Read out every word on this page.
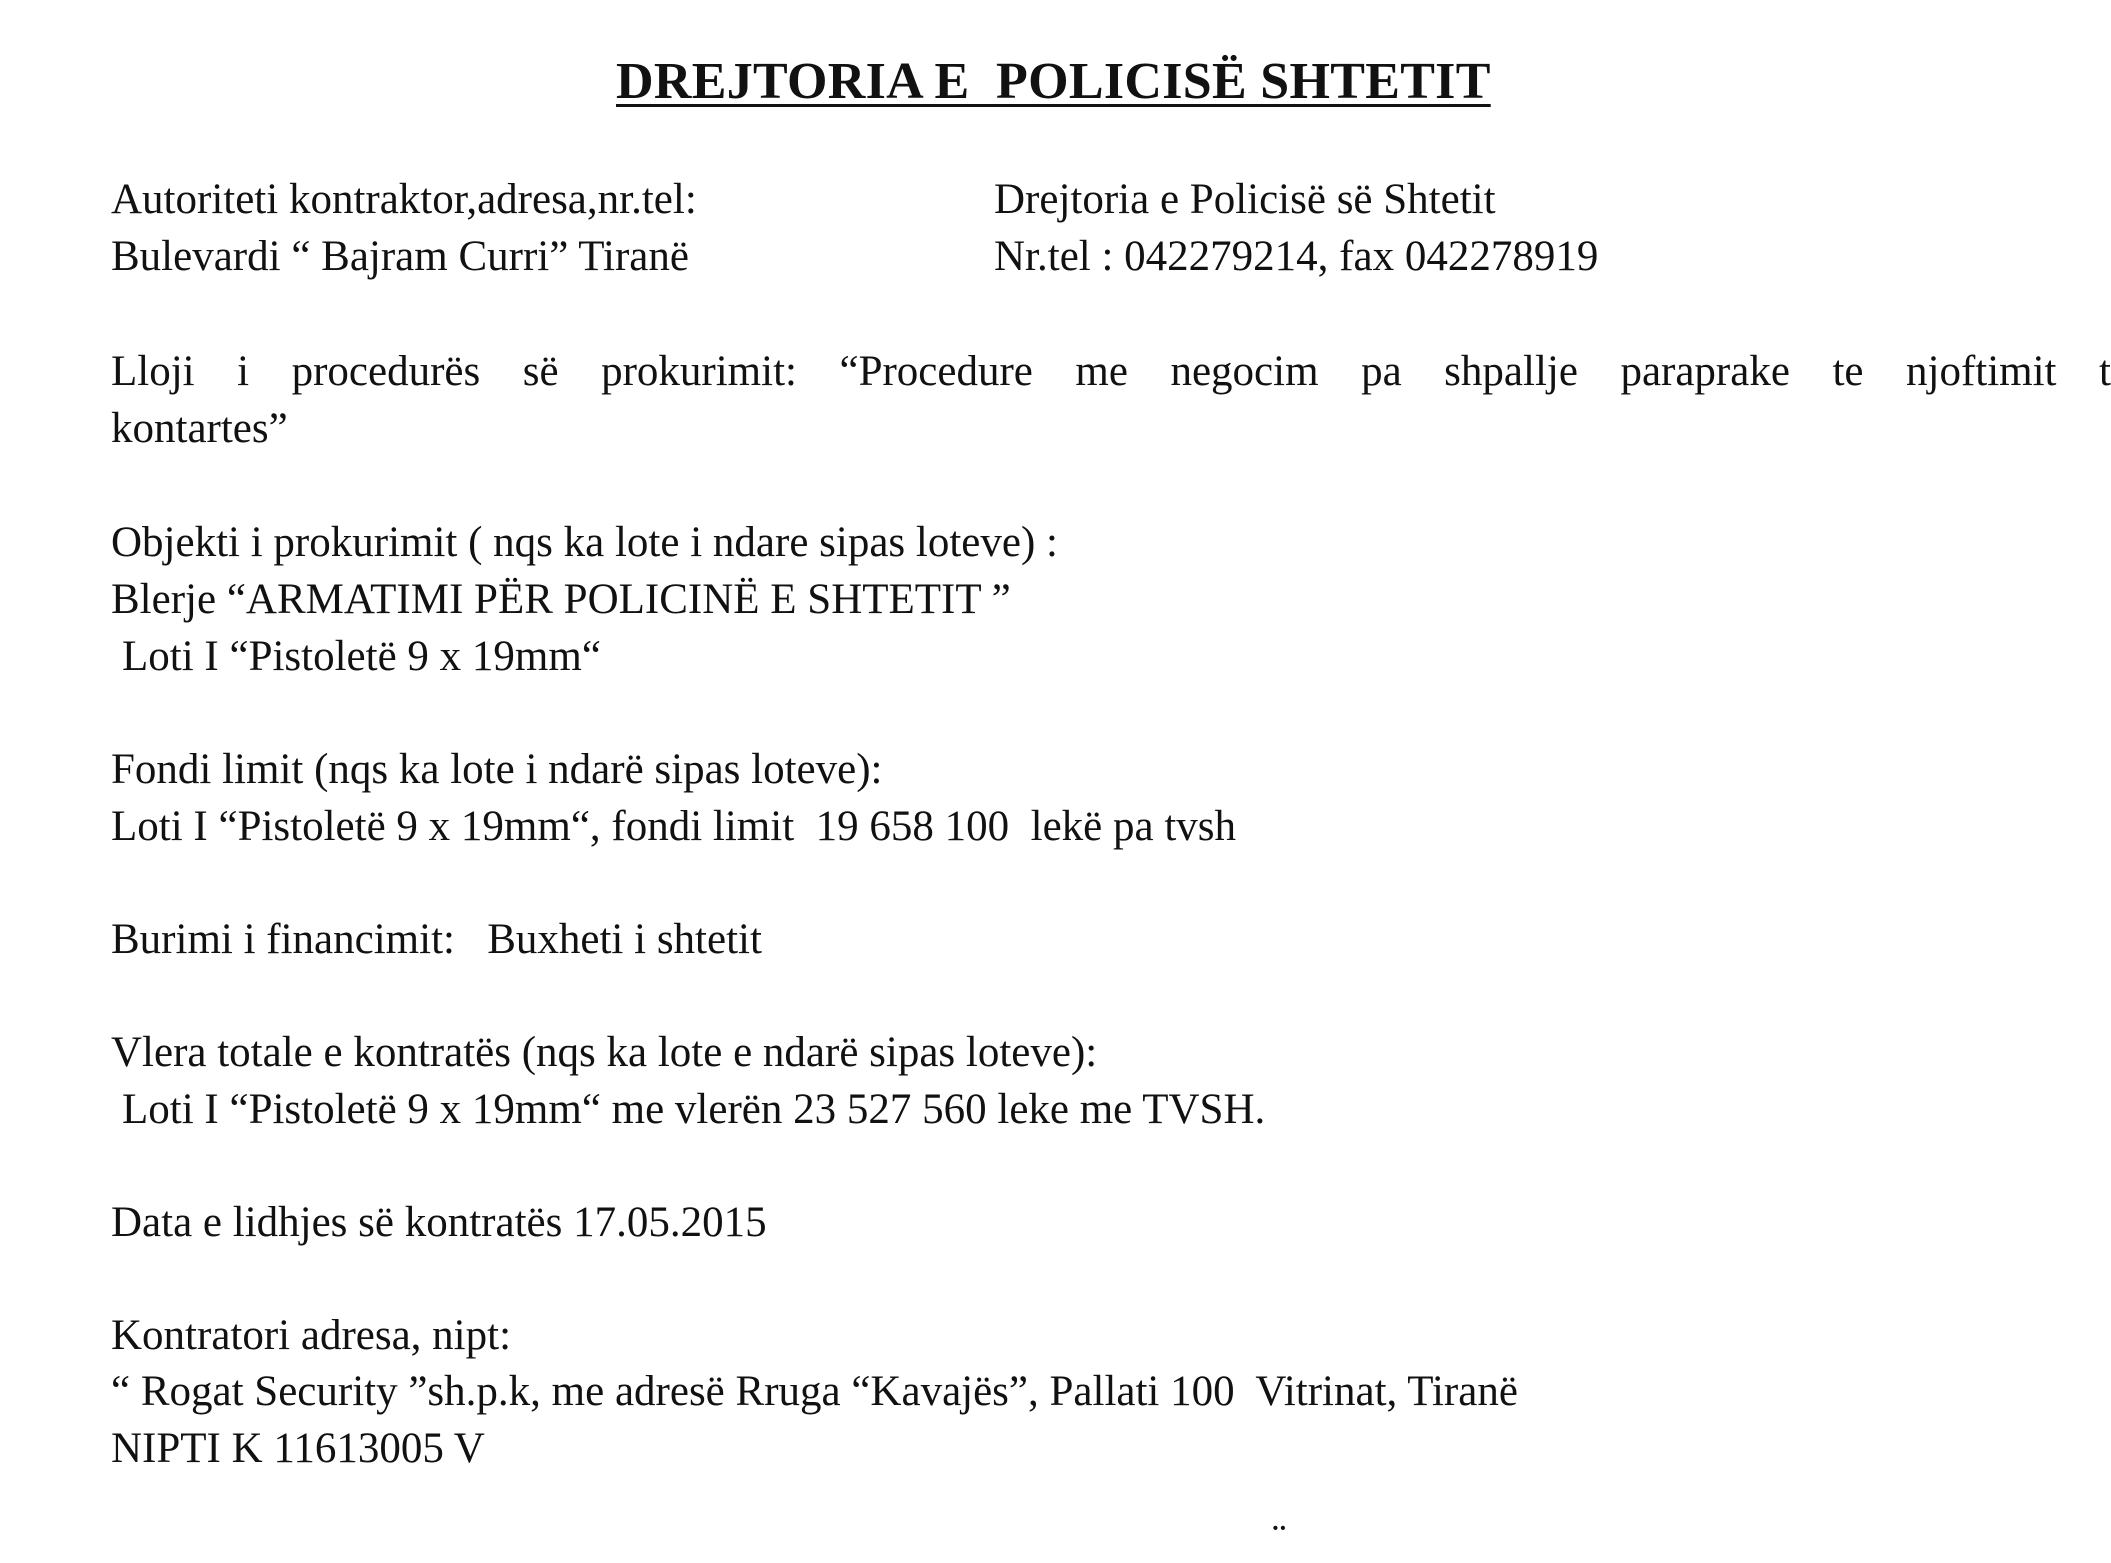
DREJTORIA E  POLICISË SHTETIT
Autoriteti kontraktor,adresa,nr.tel:	Drejtoria e Policisë së Shtetit
Bulevardi “ Bajram Curri” Tiranë	Nr.tel : 042279214, fax 042278919
Lloji i procedurës së prokurimit: “Procedure me negocim pa shpallje paraprake te njoftimit t
kontartes”
Objekti i prokurimit ( nqs ka lote i ndare sipas loteve) :
Blerje “ARMATIMI PËR POLICINË E SHTETIT ”
Loti I “Pistoletë 9 x 19mm“
Fondi limit (nqs ka lote i ndarë sipas loteve):
Loti I “Pistoletë 9 x 19mm“, fondi limit  19 658 100  lekë pa tvsh
Burimi i financimit:   Buxheti i shtetit
Vlera totale e kontratës (nqs ka lote e ndarë sipas loteve):
Loti I “Pistoletë 9 x 19mm“ me vlerën 23 527 560 leke me TVSH.
Data e lidhjes së kontratës 17.05.2015
Kontratori adresa, nipt:
“ Rogat Security ”sh.p.k, me adresë Rruga “Kavajës”, Pallati 100  Vitrinat, Tiranë
NIPTI K 11613005 V
¨
